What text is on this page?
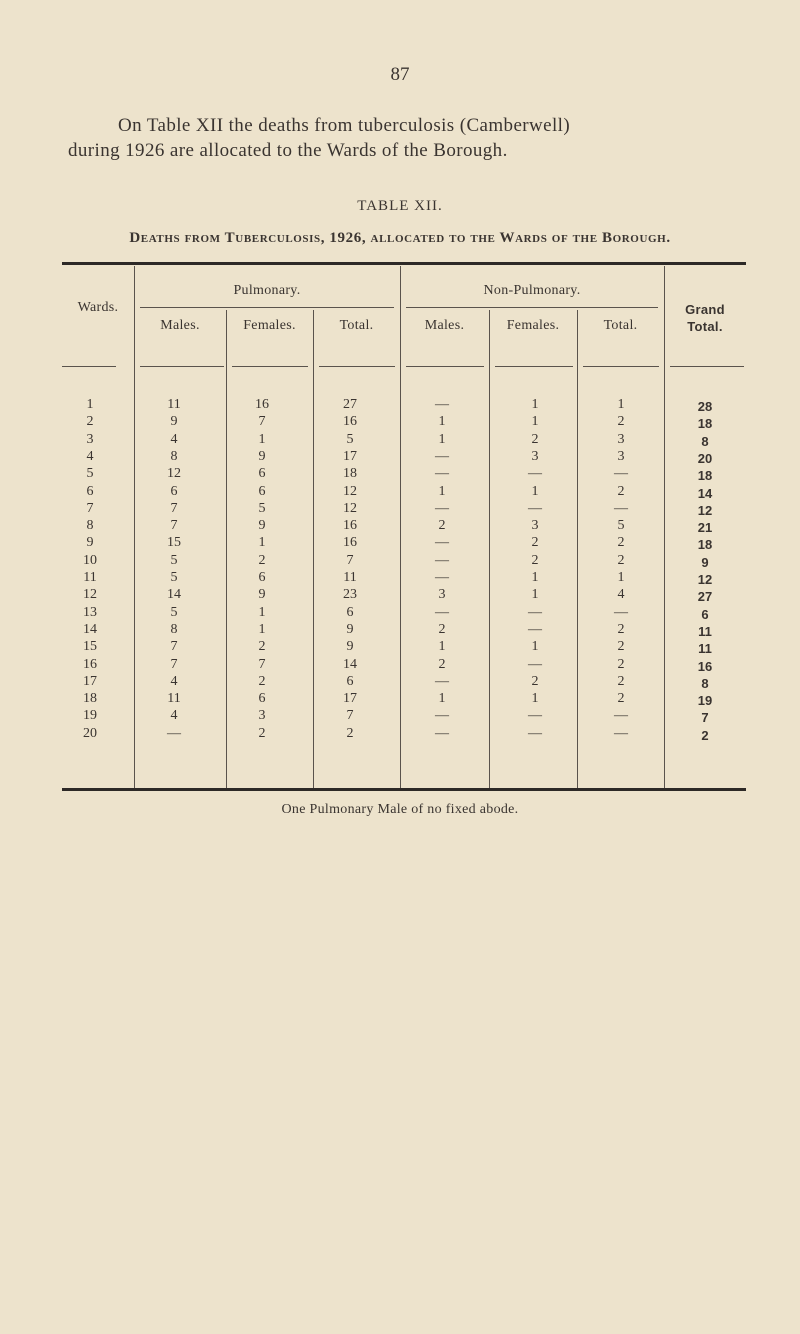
87
On Table XII the deaths from tuberculosis (Camberwell)
during 1926 are allocated to the Wards of the Borough.
TABLE XII.
Deaths from Tuberculosis, 1926, allocated to the Wards of the Borough.
Wards.
Pulmonary.	Non-Pulmonary.
Grand
Total.
Males.	Females.	Total.	Males.	Females.	Total.
1	11	16	27	—	1	1	28
2	9	7	16	1	1	2	18
3	4	1	5	1	2	3	8
4	8	9	17	—	3	3	20
5	12	6	18	—	—	—	18
6	6	6	12	1	1	2	14
7	7	5	12	—	—	—	12
8	7	9	16	2	3	5	21
9	15	1	16	—	2	2	18
10	5	2	7	—	2	2	9
11	5	6	11	—	1	1	12
12	14	9	23	3	1	4	27
13	5	1	6	—	—	—	6
14	8	1	9	2	—	2	11
15	7	2	9	1	1	2	11
16	7	7	14	2	—	2	16
17	4	2	6	—	2	2	8
18	11	6	17	1	1	2	19
19	4	3	7	—	—	—	7
20	—	2	2	—	—	—	2
One Pulmonary Male of no fixed abode.
